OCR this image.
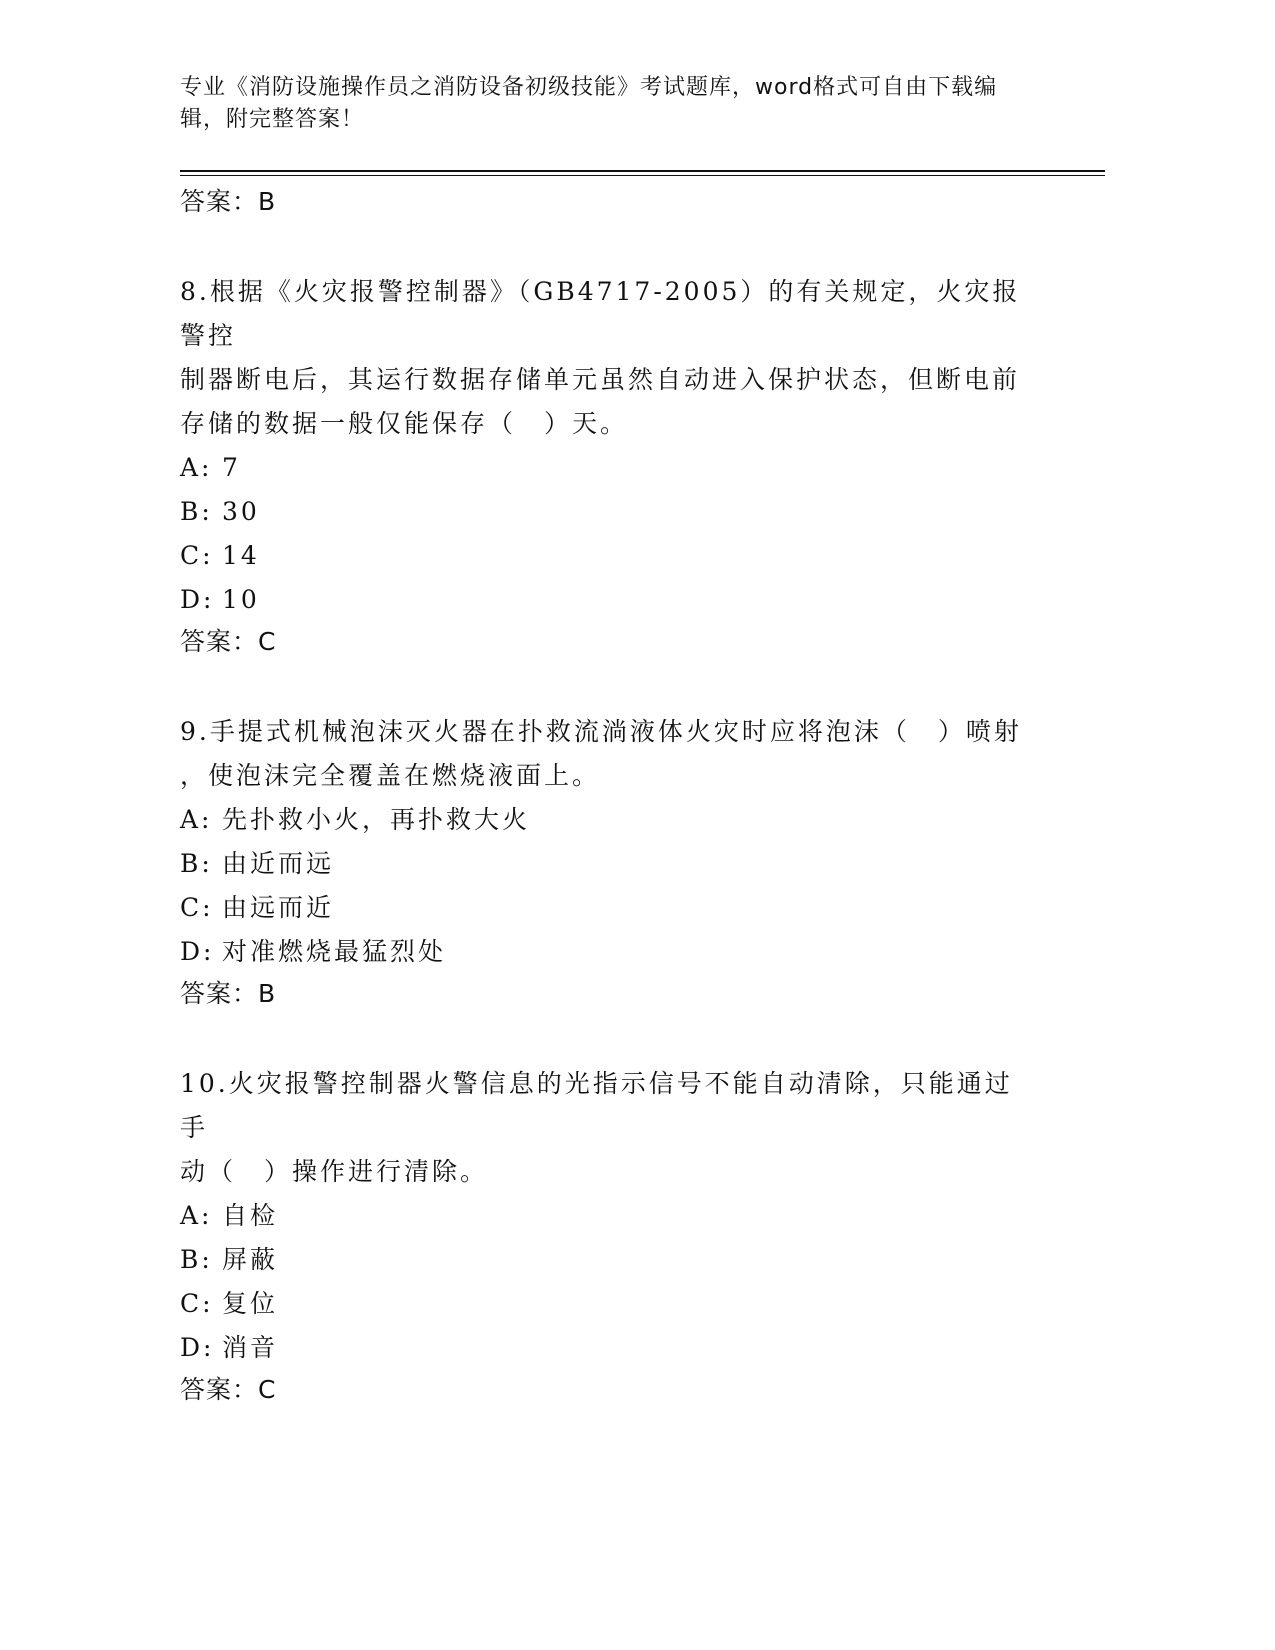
专业《消防设施操作员之消防设备初级技能》考试题库，word格式可自由下载编
辑，附完整答案！
答案：B
8.根据《火灾报警控制器》（GB4717-2005）的有关规定，火灾报警控
制器断电后，其运行数据存储单元虽然自动进入保护状态，但断电前
存储的数据一般仅能保存（　）天。
A: 7
B: 30
C: 14
D: 10
答案：C
9.手提式机械泡沫灭火器在扑救流淌液体火灾时应将泡沫（　）喷射
，使泡沫完全覆盖在燃烧液面上。
A: 先扑救小火，再扑救大火
B: 由近而远
C: 由远而近
D: 对准燃烧最猛烈处
答案：B
10.火灾报警控制器火警信息的光指示信号不能自动清除，只能通过手
动（　）操作进行清除。
A: 自检
B: 屏蔽
C: 复位
D: 消音
答案：C
